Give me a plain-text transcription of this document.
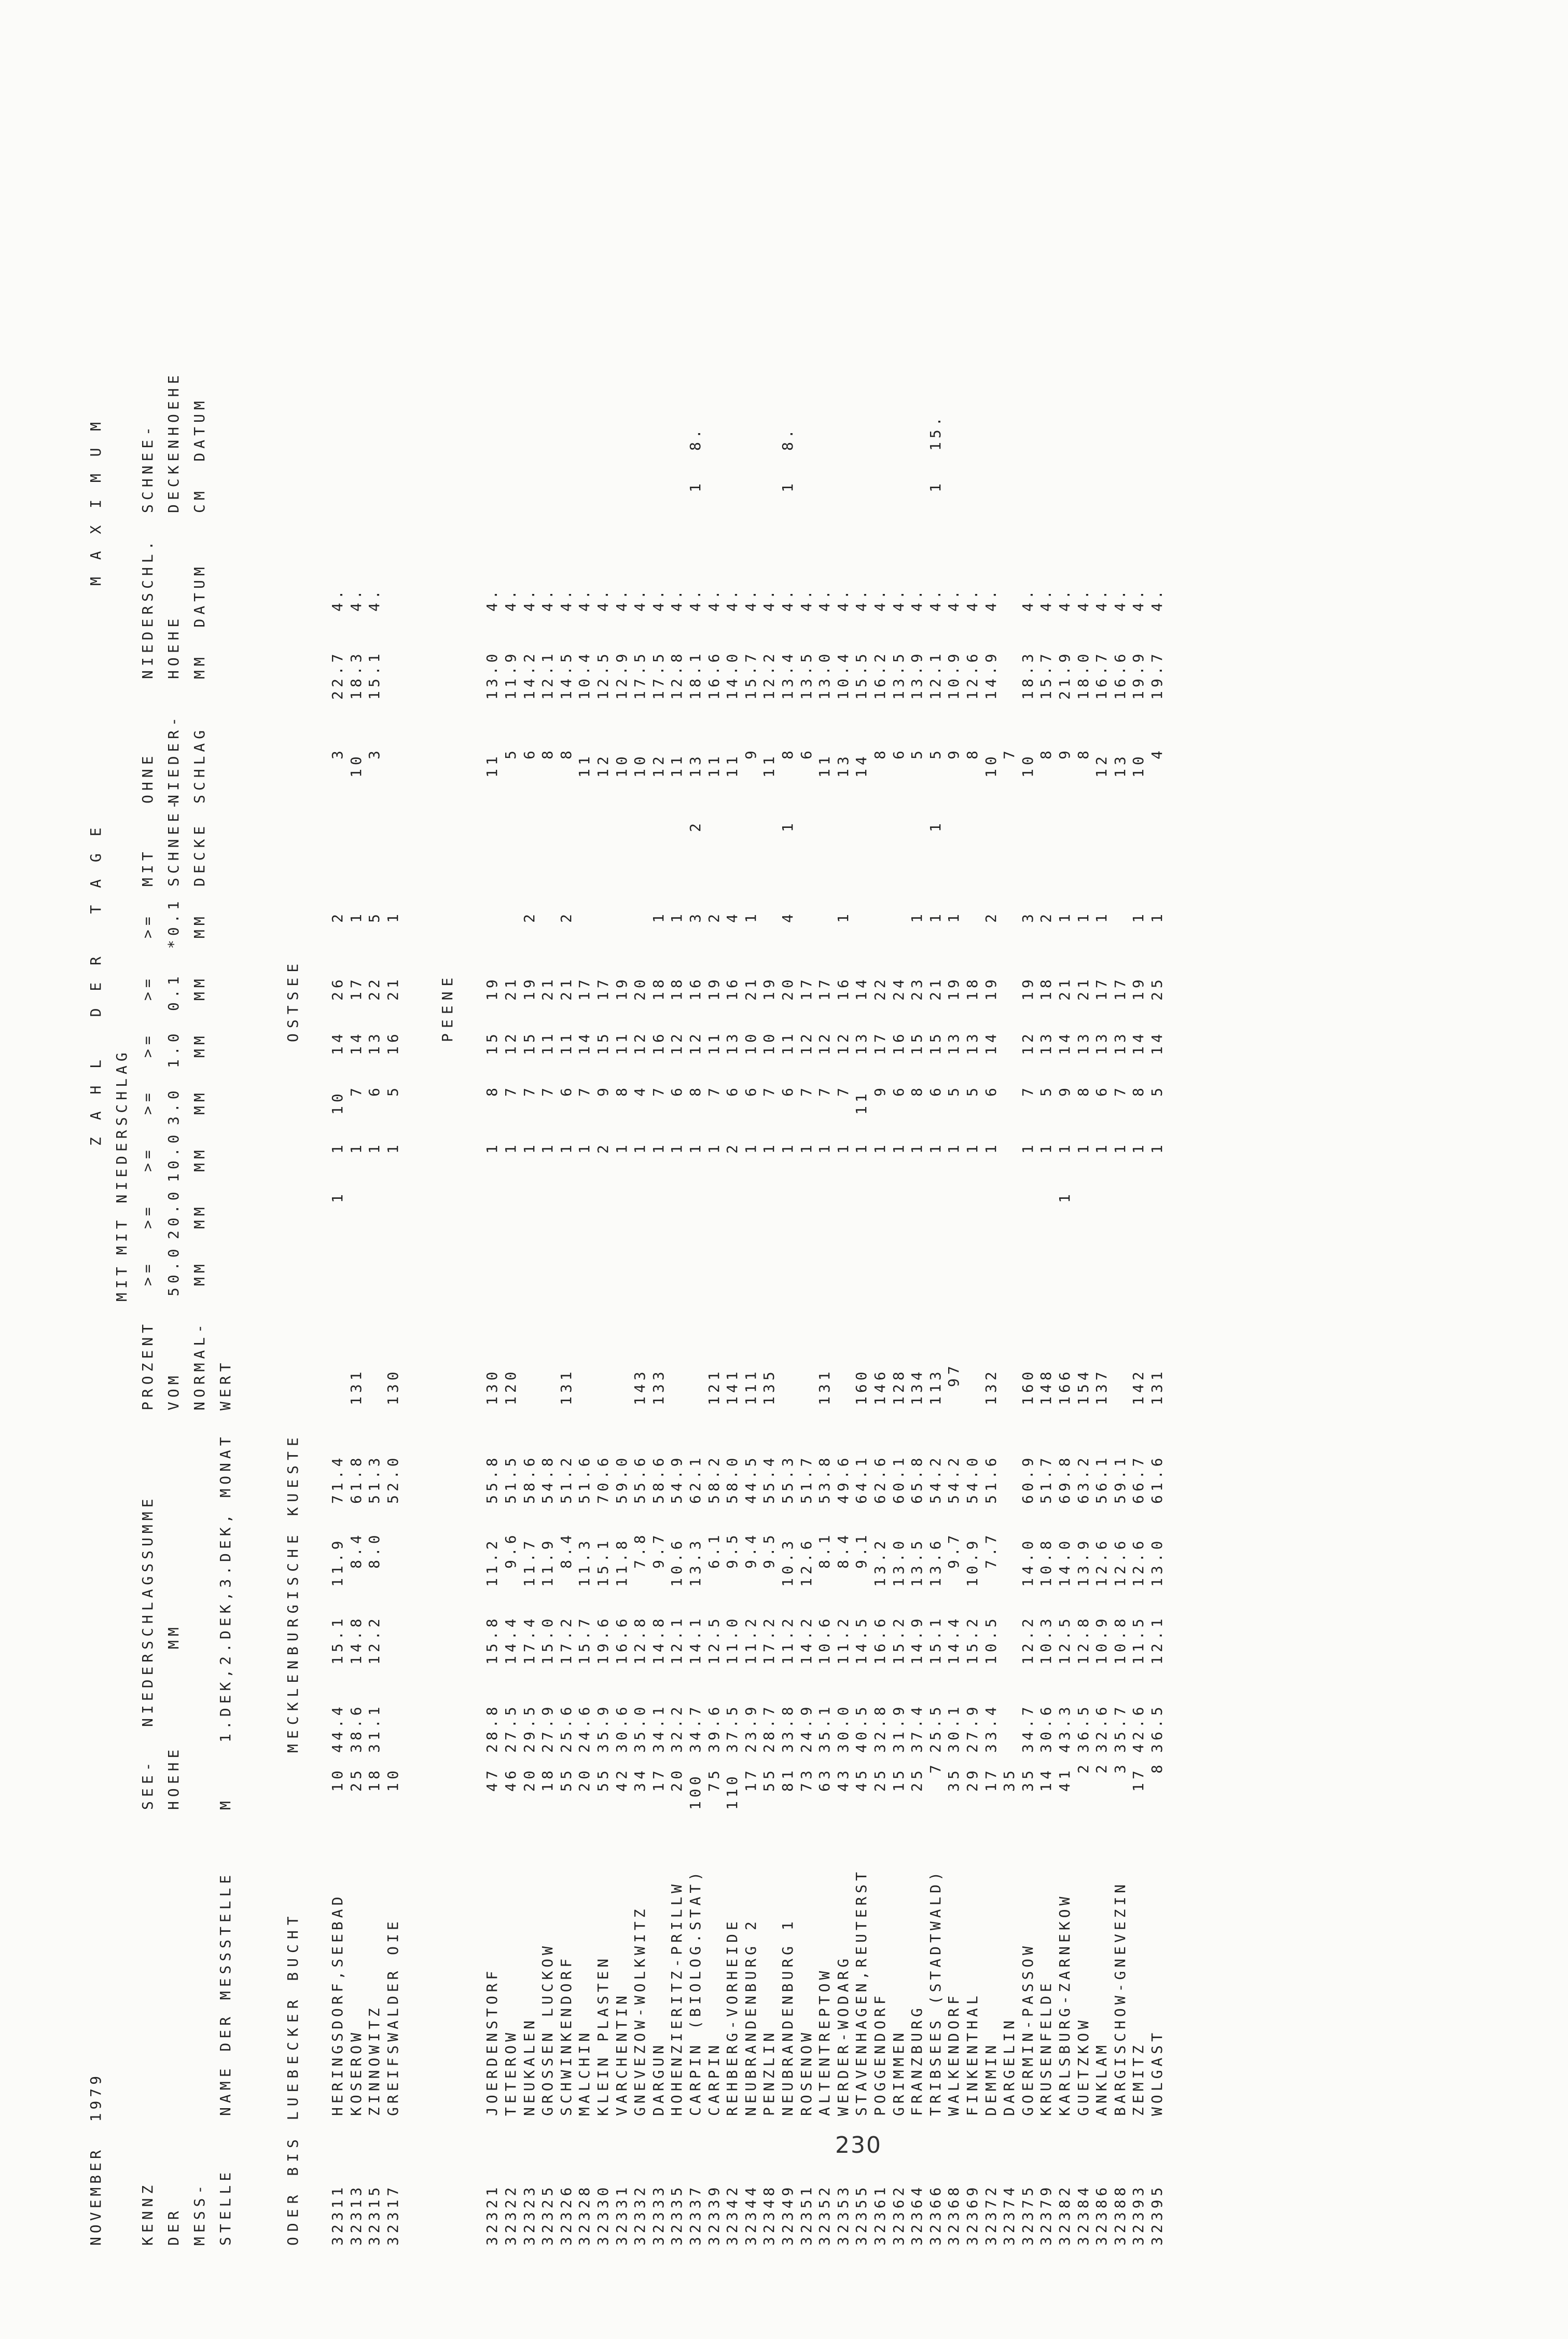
NOVEMBER  1979 KENNZ DER MESS- STELLE
NAME DER MESSSTELLE
SEE- HOEHE M
NIEDERSCHLAGSSUMME MM 1.DEK,2.DEK,3.DEK, MONAT
PROZENT VOM NORMAL- WERT
Z A H L   D E R   T A G E
MIT
MIT NIEDERSCHLAG
>=
>=
>=
>=
>=
>=
>=
50.0
20.0
10.0
3.0
1.0
0.1
*0.1
MM
MM
MM
MM
MM
MM
MM
MIT SCHNEE- DECKE
OHNE NIEDER- SCHLAG
M A X I M U M
NIEDERSCHL. HOEHE MM  DATUM
SCHNEE- DECKENHOEHE CM  DATUM
ODER BIS LUEBECKER BUCHT
MECKLENBURGISCHE KUESTE
OSTSEE
32311
HERINGSDORF,SEEBAD
10
44.4
15.1
11.9
71.4
1
1
10
14
26
2
3
22.7
4.
32313
KOSEROW
25
38.6
14.8
8.4
61.8
131
1
7
14
17
1
10
18.3
4.
32315
ZINNOWITZ
18
31.1
12.2
8.0
51.3
1
6
13
22
5
3
15.1
4.
32317
GREIFSWALDER OIE
10
52.0
130
1
5
16
21
1
PEENE
32321
JOERDENSTORF
47
28.8
15.8
11.2
55.8
130
1
8
15
19
11
13.0
4.
32322
TETEROW
46
27.5
14.4
9.6
51.5
120
1
7
12
21
5
11.9
4.
32323
NEUKALEN
20
29.5
17.4
11.7
58.6
1
7
15
19
2
6
14.2
4.
32325
GROSSEN LUCKOW
18
27.9
15.0
11.9
54.8
1
7
11
21
8
12.1
4.
32326
SCHWINKENDORF
55
25.6
17.2
8.4
51.2
131
1
6
11
21
2
8
14.5
4.
32328
MALCHIN
20
24.6
15.7
11.3
51.6
1
7
14
17
11
10.4
4.
32330
KLEIN PLASTEN
55
35.9
19.6
15.1
70.6
2
9
15
17
12
12.5
4.
32331
VARCHENTIN
42
30.6
16.6
11.8
59.0
1
8
11
19
10
12.9
4.
32332
GNEVEZOW-WOLKWITZ
34
35.0
12.8
7.8
55.6
143
1
4
12
20
10
17.5
4.
32333
DARGUN
17
34.1
14.8
9.7
58.6
133
1
7
16
18
1
12
17.5
4.
32335
HOHENZIERITZ-PRILLW
20
32.2
12.1
10.6
54.9
1
6
12
18
1
11
12.8
4.
32337
CARPIN (BIOLOG.STAT)
100
34.7
14.1
13.3
62.1
1
8
12
16
3
2
13
18.1
4.
1
8.
32339
CARPIN
75
39.6
12.5
6.1
58.2
121
1
7
11
19
2
11
16.6
4.
32342
REHBERG-VORHEIDE
110
37.5
11.0
9.5
58.0
141
2
6
13
16
4
11
14.0
4.
32344
NEUBRANDENBURG 2
17
23.9
11.2
9.4
44.5
111
1
6
10
21
1
9
15.7
4.
32348
PENZLIN
55
28.7
17.2
9.5
55.4
135
1
7
10
19
11
12.2
4.
32349
NEUBRANDENBURG 1
81
33.8
11.2
10.3
55.3
1
6
11
20
4
1
8
13.4
4.
1
8.
32351
ROSENOW
73
24.9
14.2
12.6
51.7
1
7
12
17
6
13.5
4.
32352
ALTENTREPTOW
63
35.1
10.6
8.1
53.8
131
1
7
12
17
11
13.0
4.
32353
WERDER-WODARG
43
30.0
11.2
8.4
49.6
1
7
12
16
1
13
10.4
4.
32355
STAVENHAGEN,REUTERST
45
40.5
14.5
9.1
64.1
160
1
11
13
14
14
15.5
4.
32361
POGGENDORF
25
32.8
16.6
13.2
62.6
146
1
9
17
22
8
16.2
4.
32362
GRIMMEN
15
31.9
15.2
13.0
60.1
128
1
6
16
24
6
13.5
4.
32364
FRANZBURG
25
37.4
14.9
13.5
65.8
134
1
8
15
23
1
5
13.9
4.
32366
TRIBSEES (STADTWALD)
7
25.5
15.1
13.6
54.2
113
1
6
15
21
1
1
5
12.1
4.
1
15.
32368
WALKENDORF
35
30.1
14.4
9.7
54.2
97
1
5
13
19
1
9
10.9
4.
32369
FINKENTHAL
29
27.9
15.2
10.9
54.0
1
5
13
18
8
12.6
4.
32372
DEMMIN
17
33.4
10.5
7.7
51.6
132
1
6
14
19
2
10
14.9
4.
32374
DARGELIN
35
7
32375
GOERMIN-PASSOW
35
34.7
12.2
14.0
60.9
160
1
7
12
19
3
10
18.3
4.
32379
KRUSENFELDE
14
30.6
10.3
10.8
51.7
148
1
5
13
18
2
8
15.7
4.
32382
KARLSBURG-ZARNEKOW
41
43.3
12.5
14.0
69.8
166
1
1
9
14
21
1
9
21.9
4.
32384
GUETZKOW
2
36.5
12.8
13.9
63.2
154
1
8
13
21
1
8
18.0
4.
32386
ANKLAM
2
32.6
10.9
12.6
56.1
137
1
6
13
17
1
12
16.7
4.
32388
BARGISCHOW-GNEVEZIN
3
35.7
10.8
12.6
59.1
1
7
13
17
13
16.6
4.
32393
ZEMITZ
17
42.6
11.5
12.6
66.7
142
1
8
14
19
1
10
19.9
4.
32395
WOLGAST
8
36.5
12.1
13.0
61.6
131
1
5
14
25
1
4
19.7
4.
230
